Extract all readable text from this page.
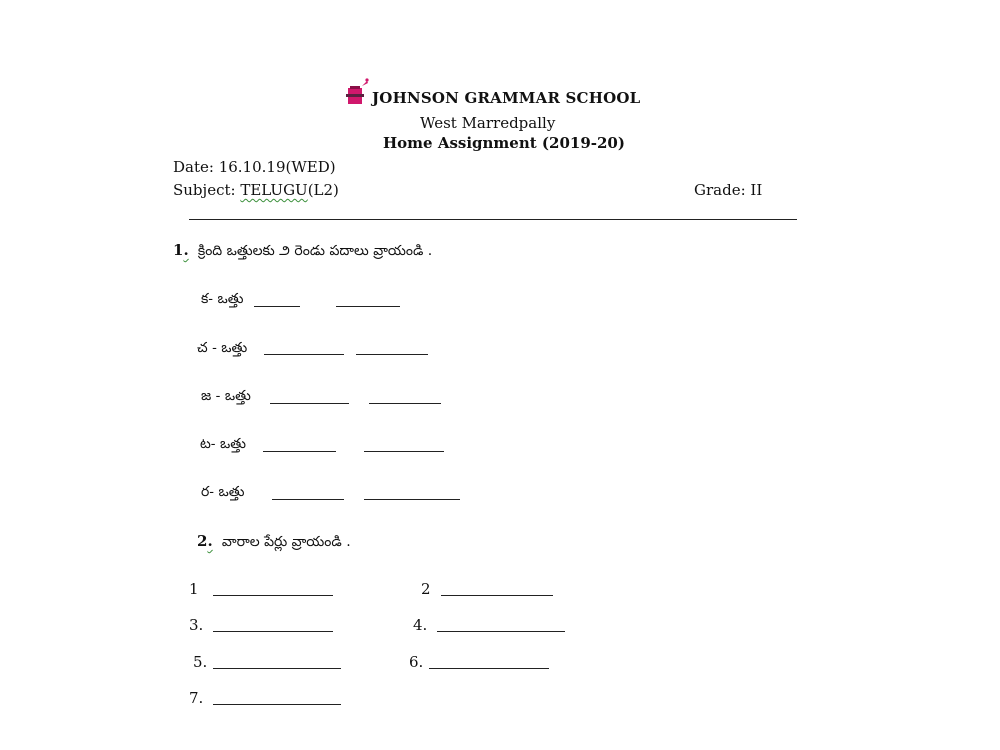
JOHNSON GRAMMAR SCHOOL
West Marredpally
Home Assignment (2019-20)
Date: 16.10.19(WED)
Subject: TELUGU(L2)	Grade: II
1. క్రింది ఒత్తులకు ౨ రెండు పదాలు వ్రాయండి .
క- ఒత్తు
చ - ఒత్తు
జ - ఒత్తు
ట- ఒత్తు
ర- ఒత్తు
2. వారాల పేర్లు వ్రాయండి .
1	2
3.	4.
5.	6.
7.
